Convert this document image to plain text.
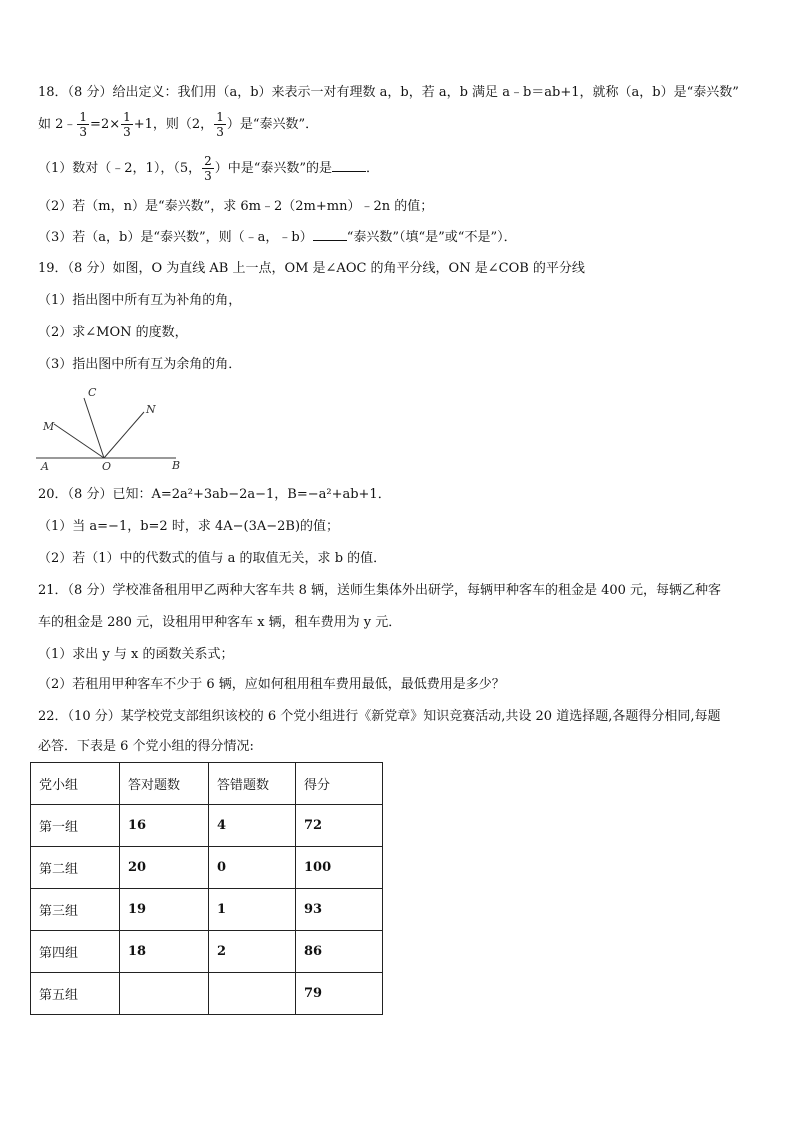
18．（8 分）给出定义：我们用（a，b）来表示一对有理数 a，b，若 a，b 满足 a﹣b＝ab+1，就称（a，b）是“泰兴数”
如 2﹣ $\frac{1}{3} =2\times \frac{1}{3} +1$，则（2， $\frac{1}{3}$ ）是“泰兴数”．
（1）数对（﹣2，1），（5， $\frac{2}{3}$ ）中是“泰兴数”的是	．
（2）若（m，n）是“泰兴数”，求 6m﹣2（2m+mn）﹣2n 的值；
（3）若（a，b）是“泰兴数”，则（﹣a，﹣b）	“泰兴数”（填“是”或“不是”）．
19．（8 分）如图，O 为直线 AB 上一点，OM 是∠AOC 的角平分线，ON 是∠COB 的平分线
（1）指出图中所有互为补角的角，
（2）求∠MON 的度数，
（3）指出图中所有互为余角的角．
C
N
M
A	O	B
20．（8 分）已知：A=2a²+3ab−2a−1，B=−a²+ab+1．
（1）当 a=−1，b=2 时，求 4A−(3A−2B)的值；
（2）若（1）中的代数式的值与 a 的取值无关，求 b 的值．
21．（8 分）学校准备租用甲乙两种大客车共 8 辆，送师生集体外出研学，每辆甲种客车的租金是 400 元，每辆乙种客
车的租金是 280 元，设租用甲种客车 x 辆，租车费用为 y 元．
（1）求出 y 与 x 的函数关系式；
（2）若租用甲种客车不少于 6 辆，应如何租用租车费用最低，最低费用是多少？
22．（10 分）某学校党支部组织该校的 6 个党小组进行《新党章》知识竞赛活动,共设 20 道选择题,各题得分相同,每题
必答．下表是 6 个党小组的得分情况:
党小组	答对题数	答错题数	得分
第一组	16	4	72
第二组	20	0	100
第三组	19	1	93
第四组	18	2	86
第五组			79
